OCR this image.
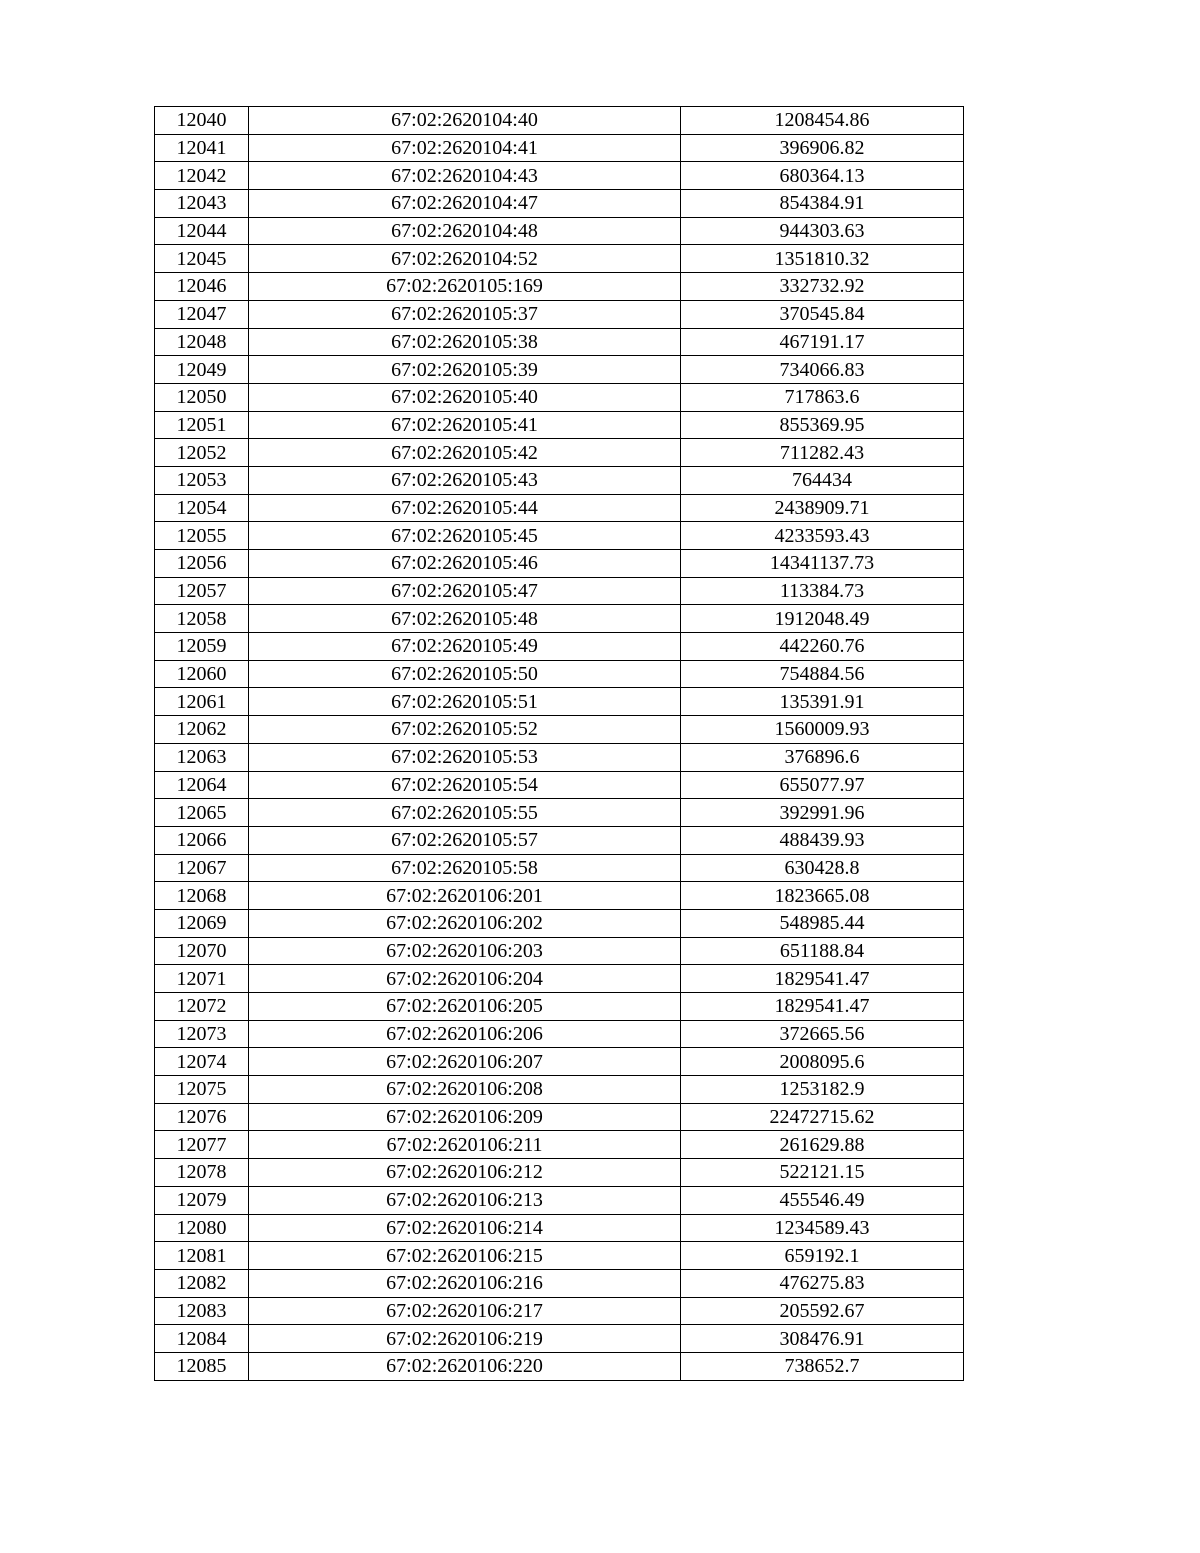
12040	67:02:2620104:40	1208454.86
12041	67:02:2620104:41	396906.82
12042	67:02:2620104:43	680364.13
12043	67:02:2620104:47	854384.91
12044	67:02:2620104:48	944303.63
12045	67:02:2620104:52	1351810.32
12046	67:02:2620105:169	332732.92
12047	67:02:2620105:37	370545.84
12048	67:02:2620105:38	467191.17
12049	67:02:2620105:39	734066.83
12050	67:02:2620105:40	717863.6
12051	67:02:2620105:41	855369.95
12052	67:02:2620105:42	711282.43
12053	67:02:2620105:43	764434
12054	67:02:2620105:44	2438909.71
12055	67:02:2620105:45	4233593.43
12056	67:02:2620105:46	14341137.73
12057	67:02:2620105:47	113384.73
12058	67:02:2620105:48	1912048.49
12059	67:02:2620105:49	442260.76
12060	67:02:2620105:50	754884.56
12061	67:02:2620105:51	135391.91
12062	67:02:2620105:52	1560009.93
12063	67:02:2620105:53	376896.6
12064	67:02:2620105:54	655077.97
12065	67:02:2620105:55	392991.96
12066	67:02:2620105:57	488439.93
12067	67:02:2620105:58	630428.8
12068	67:02:2620106:201	1823665.08
12069	67:02:2620106:202	548985.44
12070	67:02:2620106:203	651188.84
12071	67:02:2620106:204	1829541.47
12072	67:02:2620106:205	1829541.47
12073	67:02:2620106:206	372665.56
12074	67:02:2620106:207	2008095.6
12075	67:02:2620106:208	1253182.9
12076	67:02:2620106:209	22472715.62
12077	67:02:2620106:211	261629.88
12078	67:02:2620106:212	522121.15
12079	67:02:2620106:213	455546.49
12080	67:02:2620106:214	1234589.43
12081	67:02:2620106:215	659192.1
12082	67:02:2620106:216	476275.83
12083	67:02:2620106:217	205592.67
12084	67:02:2620106:219	308476.91
12085	67:02:2620106:220	738652.7
